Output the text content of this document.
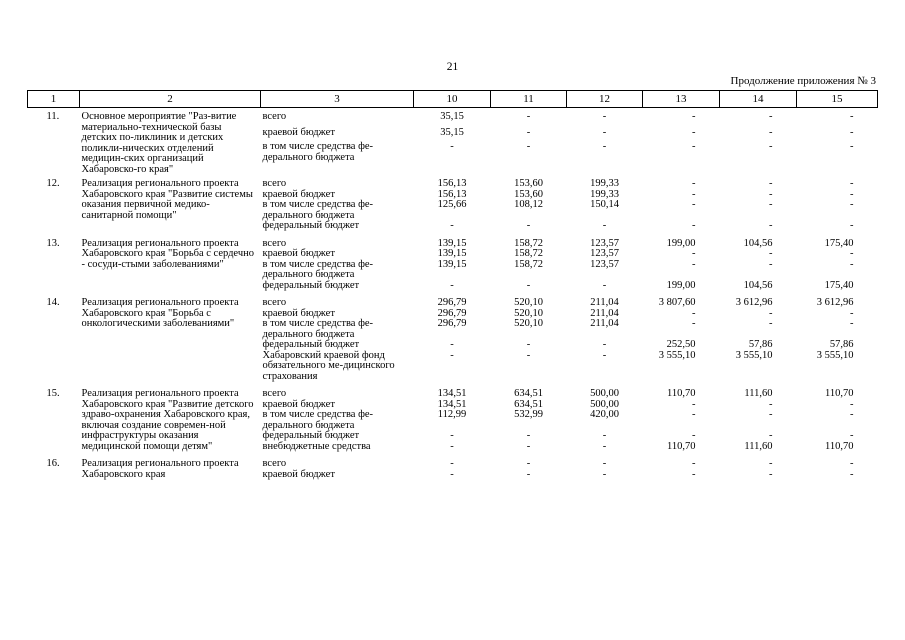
21
Продолжение приложения № 3
1	2	3	10	11	12	13	14	15
11.	Основное мероприятие "Раз-витие материально-технической базы детских по-ликлиник и детских поликли-нических отделений медицин-ских организаций Хабаровско-го края"	всего	35,15	-	-	-	-	-
		краевой бюджет	35,15	-	-	-	-	-
		в том числе средства фе-дерального бюджета	-	-	-	-	-	-
12.	Реализация регионального проекта Хабаровского края "Развитие системы оказания первичной медико-санитарной помощи"	всего	156,13	153,60	199,33	-	-	-
		краевой бюджет	156,13	153,60	199,33	-	-	-
		в том числе средства фе-дерального бюджета	125,66	108,12	150,14	-	-	-
		федеральный бюджет	-	-	-	-	-	-
13.	Реализация регионального проекта Хабаровского края "Борьба с сердечно - сосуди-стыми заболеваниями"	всего	139,15	158,72	123,57	199,00	104,56	175,40
		краевой бюджет	139,15	158,72	123,57	-	-	-
		в том числе средства фе-дерального бюджета	139,15	158,72	123,57	-	-	-
		федеральный бюджет	-	-	-	199,00	104,56	175,40
14.	Реализация регионального проекта Хабаровского края "Борьба с онкологическими заболеваниями"	всего	296,79	520,10	211,04	3 807,60	3 612,96	3 612,96
		краевой бюджет	296,79	520,10	211,04	-	-	-
		в том числе средства фе-дерального бюджета	296,79	520,10	211,04	-	-	-
		федеральный бюджет	-	-	-	252,50	57,86	57,86
		Хабаровский краевой фонд обязательного ме-дицинского страхования	-	-	-	3 555,10	3 555,10	3 555,10
15.	Реализация регионального проекта Хабаровского края "Развитие детского здраво-охранения Хабаровского края, включая создание современ-ной инфраструктуры оказания медицинской помощи детям"	всего	134,51	634,51	500,00	110,70	111,60	110,70
		краевой бюджет	134,51	634,51	500,00	-	-	-
		в том числе средства фе-дерального бюджета	112,99	532,99	420,00	-	-	-
		федеральный бюджет	-	-	-	-	-	-
		внебюджетные средства	-	-	-	110,70	111,60	110,70
16.	Реализация регионального проекта Хабаровского края	всего	-	-	-	-	-	-
		краевой бюджет	-	-	-	-	-	-
